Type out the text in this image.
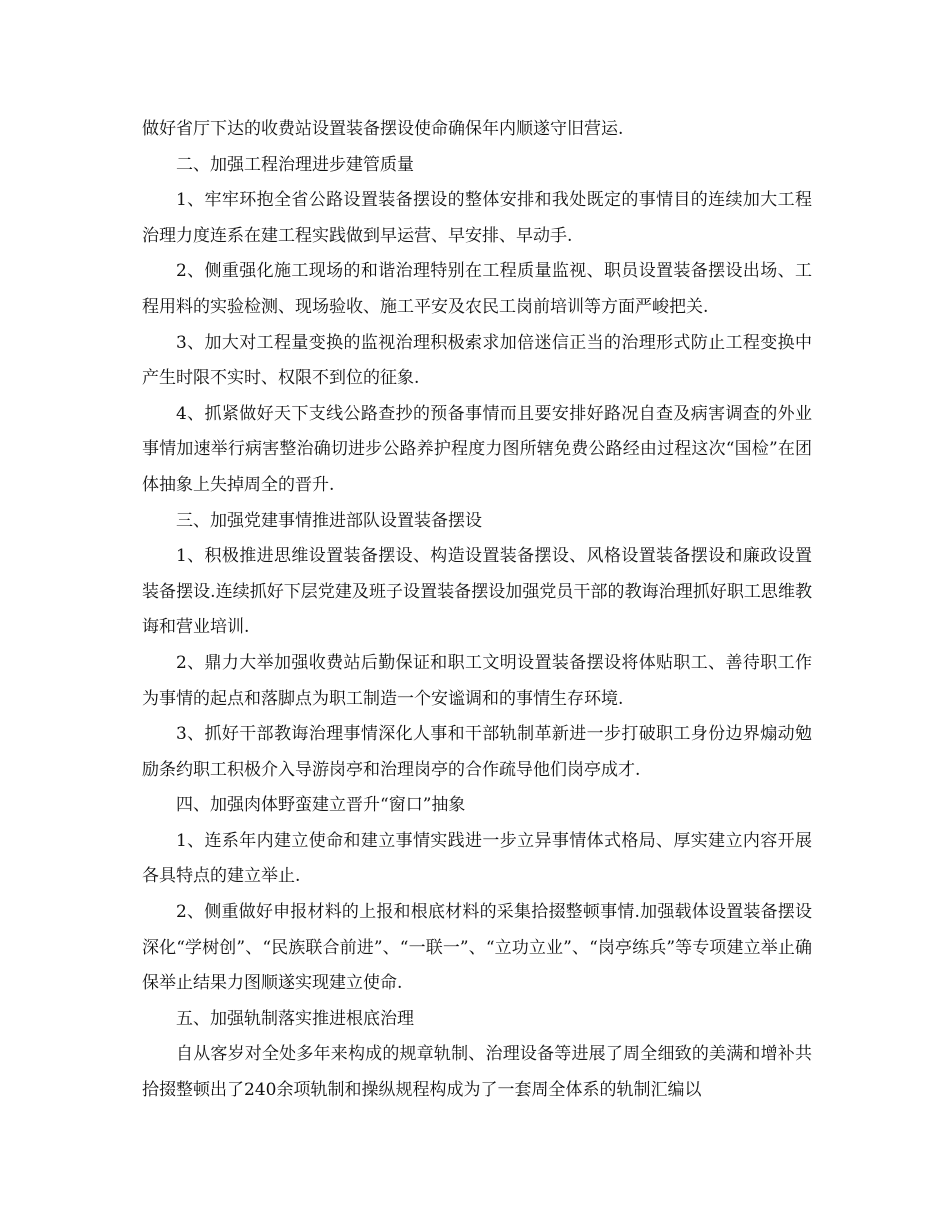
做好省厅下达的收费站设置装备摆设使命确保年内顺遂守旧营运.

二、加强工程治理进步建管质量

1、牢牢环抱全省公路设置装备摆设的整体安排和我处既定的事情目的连续加大工程治理力度连系在建工程实践做到早运营、早安排、早动手.

2、侧重强化施工现场的和谐治理特别在工程质量监视、职员设置装备摆设出场、工程用料的实验检测、现场验收、施工平安及农民工岗前培训等方面严峻把关.

3、加大对工程量变换的监视治理积极索求加倍迷信正当的治理形式防止工程变换中产生时限不实时、权限不到位的征象.

4、抓紧做好天下支线公路查抄的预备事情而且要安排好路况自查及病害调查的外业事情加速举行病害整治确切进步公路养护程度力图所辖免费公路经由过程这次“国检”在团体抽象上失掉周全的晋升.

三、加强党建事情推进部队设置装备摆设

1、积极推进思维设置装备摆设、构造设置装备摆设、风格设置装备摆设和廉政设置装备摆设.连续抓好下层党建及班子设置装备摆设加强党员干部的教诲治理抓好职工思维教诲和营业培训.

2、鼎力大举加强收费站后勤保证和职工文明设置装备摆设将体贴职工、善待职工作为事情的起点和落脚点为职工制造一个安谧调和的事情生存环境.

3、抓好干部教诲治理事情深化人事和干部轨制革新进一步打破职工身份边界煽动勉励条约职工积极介入导游岗亭和治理岗亭的合作疏导他们岗亭成才.

四、加强肉体野蛮建立晋升“窗口”抽象

1、连系年内建立使命和建立事情实践进一步立异事情体式格局、厚实建立内容开展各具特点的建立举止.

2、侧重做好申报材料的上报和根底材料的采集拾掇整顿事情.加强载体设置装备摆设深化“学树创”、“民族联合前进”、“一联一”、“立功立业”、“岗亭练兵”等专项建立举止确保举止结果力图顺遂实现建立使命.

五、加强轨制落实推进根底治理

自从客岁对全处多年来构成的规章轨制、治理设备等进展了周全细致的美满和增补共拾掇整顿出了240余项轨制和操纵规程构成为了一套周全体系的轨制汇编以
